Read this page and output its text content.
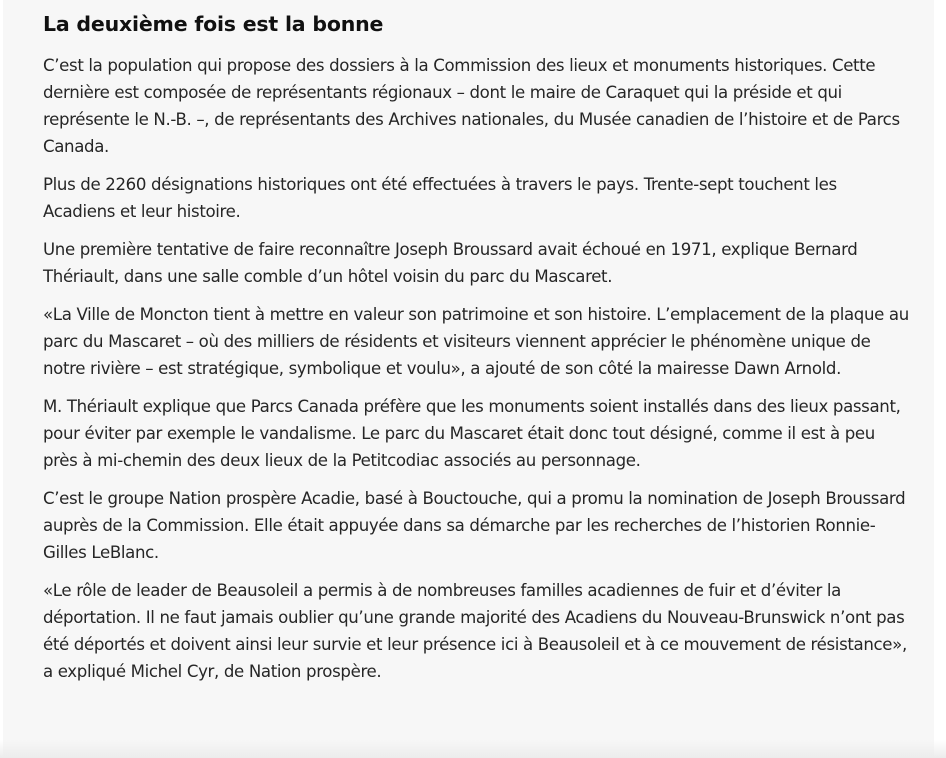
La deuxième fois est la bonne

C’est la population qui propose des dossiers à la Commission des lieux et monuments historiques. Cette dernière est composée de représentants régionaux – dont le maire de Caraquet qui la préside et qui représente le N.-B. –, de représentants des Archives nationales, du Musée canadien de l’histoire et de Parcs Canada.

Plus de 2260 désignations historiques ont été effectuées à travers le pays. Trente-sept touchent les Acadiens et leur histoire.

Une première tentative de faire reconnaître Joseph Broussard avait échoué en 1971, explique Bernard Thériault, dans une salle comble d’un hôtel voisin du parc du Mascaret.

«La Ville de Moncton tient à mettre en valeur son patrimoine et son histoire. L’emplacement de la plaque au parc du Mascaret – où des milliers de résidents et visiteurs viennent apprécier le phénomène unique de notre rivière – est stratégique, symbolique et voulu», a ajouté de son côté la mairesse Dawn Arnold.

M. Thériault explique que Parcs Canada préfère que les monuments soient installés dans des lieux passant, pour éviter par exemple le vandalisme. Le parc du Mascaret était donc tout désigné, comme il est à peu près à mi-chemin des deux lieux de la Petitcodiac associés au personnage.

C’est le groupe Nation prospère Acadie, basé à Bouctouche, qui a promu la nomination de Joseph Broussard auprès de la Commission. Elle était appuyée dans sa démarche par les recherches de l’historien Ronnie-Gilles LeBlanc.

«Le rôle de leader de Beausoleil a permis à de nombreuses familles acadiennes de fuir et d’éviter la déportation. Il ne faut jamais oublier qu’une grande majorité des Acadiens du Nouveau-Brunswick n’ont pas été déportés et doivent ainsi leur survie et leur présence ici à Beausoleil et à ce mouvement de résistance», a expliqué Michel Cyr, de Nation prospère.
